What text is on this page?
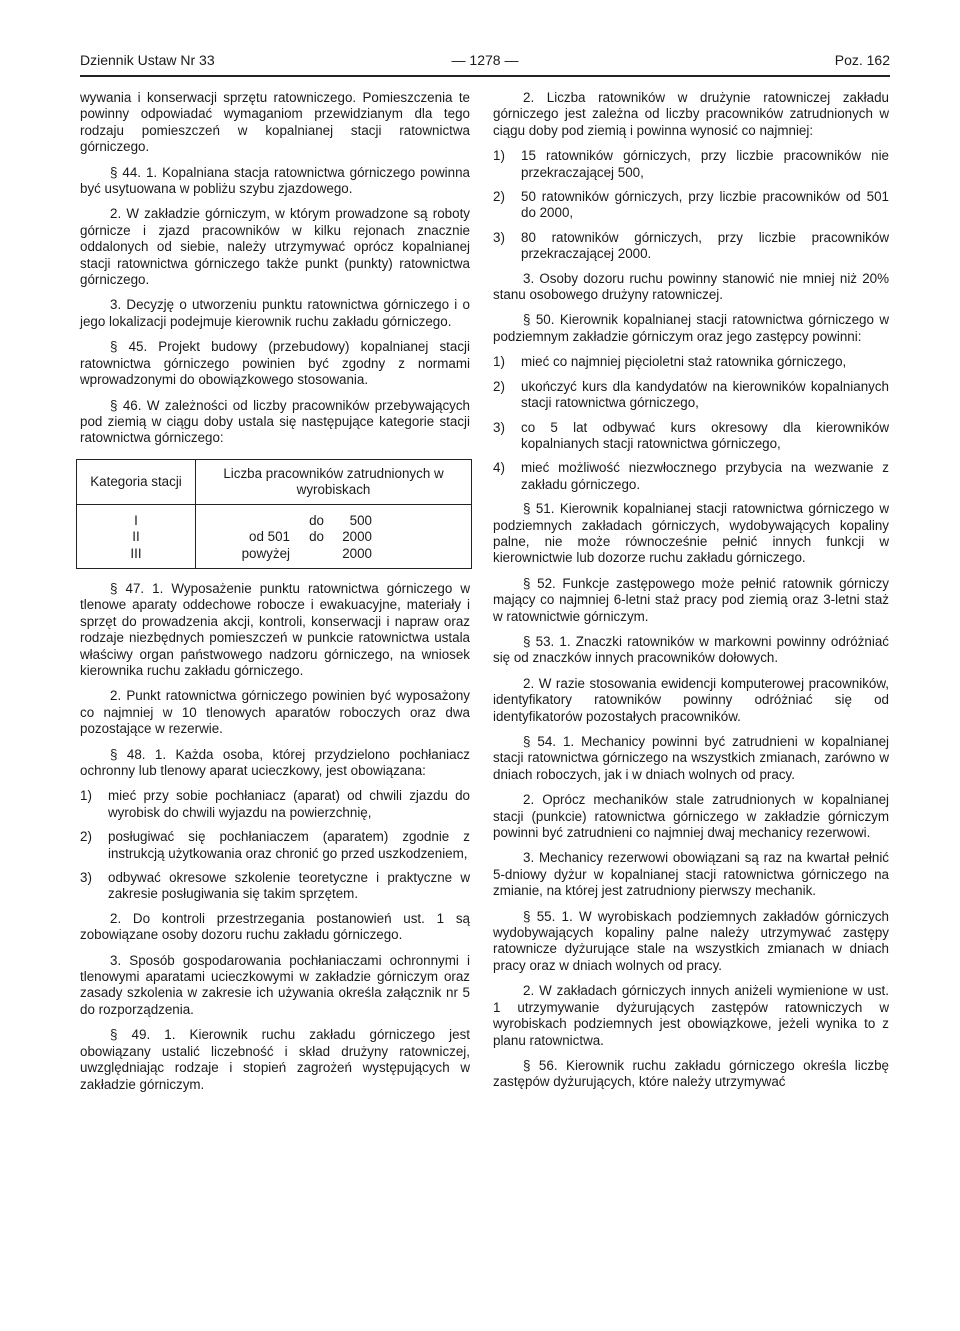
Dziennik Ustaw Nr 33	— 1278 —	Poz. 162

wywania i konserwacji sprzętu ratowniczego. Pomieszczenia te powinny odpowiadać wymaganiom przewidzianym dla tego rodzaju pomieszczeń w kopalnianej stacji ratownictwa górniczego.

§ 44. 1. Kopalniana stacja ratownictwa górniczego powinna być usytuowana w pobliżu szybu zjazdowego.

2. W zakładzie górniczym, w którym prowadzone są roboty górnicze i zjazd pracowników w kilku rejonach znacznie oddalonych od siebie, należy utrzymywać oprócz kopalnianej stacji ratownictwa górniczego także punkt (punkty) ratownictwa górniczego.

3. Decyzję o utworzeniu punktu ratownictwa górniczego i o jego lokalizacji podejmuje kierownik ruchu zakładu górniczego.

§ 45. Projekt budowy (przebudowy) kopalnianej stacji ratownictwa górniczego powinien być zgodny z normami wprowadzonymi do obowiązkowego stosowania.

§ 46. W zależności od liczby pracowników przebywających pod ziemią w ciągu doby ustala się następujące kategorie stacji ratownictwa górniczego:

Kategoria stacji	Liczba pracowników zatrudnionych w wyrobiskach
I	do 500

II	od 501 do 2000

III	powyżej 2000

§ 47. 1. Wyposażenie punktu ratownictwa górniczego w tlenowe aparaty oddechowe robocze i ewakuacyjne, materiały i sprzęt do prowadzenia akcji, kontroli, konserwacji i napraw oraz rodzaje niezbędnych pomieszczeń w punkcie ratownictwa ustala właściwy organ państwowego nadzoru górniczego, na wniosek kierownika ruchu zakładu górniczego.

2. Punkt ratownictwa górniczego powinien być wyposażony co najmniej w 10 tlenowych aparatów roboczych oraz dwa pozostające w rezerwie.

§ 48. 1. Każda osoba, której przydzielono pochłaniacz ochronny lub tlenowy aparat ucieczkowy, jest obowiązana:

1)	mieć przy sobie pochłaniacz (aparat) od chwili zjazdu do wyrobisk do chwili wyjazdu na powierzchnię,
2)	posługiwać się pochłaniaczem (aparatem) zgodnie z instrukcją użytkowania oraz chronić go przed uszkodzeniem,
3)	odbywać okresowe szkolenie teoretyczne i praktyczne w zakresie posługiwania się takim sprzętem.

2. Do kontroli przestrzegania postanowień ust. 1 są zobowiązane osoby dozoru ruchu zakładu górniczego.

3. Sposób gospodarowania pochłaniaczami ochronnymi i tlenowymi aparatami ucieczkowymi w zakładzie górniczym oraz zasady szkolenia w zakresie ich używania określa załącznik nr 5 do rozporządzenia.

§ 49. 1. Kierownik ruchu zakładu górniczego jest obowiązany ustalić liczebność i skład drużyny ratowniczej, uwzględniając rodzaje i stopień zagrożeń występujących w zakładzie górniczym.

2. Liczba ratowników w drużynie ratowniczej zakładu górniczego jest zależna od liczby pracowników zatrudnionych w ciągu doby pod ziemią i powinna wynosić co najmniej:

1)	15 ratowników górniczych, przy liczbie pracowników nie przekraczającej 500,
2)	50 ratowników górniczych, przy liczbie pracowników od 501 do 2000,
3)	80 ratowników górniczych, przy liczbie pracowników przekraczającej 2000.

3. Osoby dozoru ruchu powinny stanowić nie mniej niż 20% stanu osobowego drużyny ratowniczej.

§ 50. Kierownik kopalnianej stacji ratownictwa górniczego w podziemnym zakładzie górniczym oraz jego zastępcy powinni:

1)	mieć co najmniej pięcioletni staż ratownika górniczego,
2)	ukończyć kurs dla kandydatów na kierowników kopalnianych stacji ratownictwa górniczego,
3)	co 5 lat odbywać kurs okresowy dla kierowników kopalnianych stacji ratownictwa górniczego,
4)	mieć możliwość niezwłocznego przybycia na wezwanie z zakładu górniczego.

§ 51. Kierownik kopalnianej stacji ratownictwa górniczego w podziemnych zakładach górniczych, wydobywających kopaliny palne, nie może równocześnie pełnić innych funkcji w kierownictwie lub dozorze ruchu zakładu górniczego.

§ 52. Funkcje zastępowego może pełnić ratownik górniczy mający co najmniej 6-letni staż pracy pod ziemią oraz 3-letni staż w ratownictwie górniczym.

§ 53. 1. Znaczki ratowników w markowni powinny odróżniać się od znaczków innych pracowników dołowych.

2. W razie stosowania ewidencji komputerowej pracowników, identyfikatory ratowników powinny odróżniać się od identyfikatorów pozostałych pracowników.

§ 54. 1. Mechanicy powinni być zatrudnieni w kopalnianej stacji ratownictwa górniczego na wszystkich zmianach, zarówno w dniach roboczych, jak i w dniach wolnych od pracy.

2. Oprócz mechaników stale zatrudnionych w kopalnianej stacji (punkcie) ratownictwa górniczego w zakładzie górniczym powinni być zatrudnieni co najmniej dwaj mechanicy rezerwowi.

3. Mechanicy rezerwowi obowiązani są raz na kwartał pełnić 5-dniowy dyżur w kopalnianej stacji ratownictwa górniczego na zmianie, na której jest zatrudniony pierwszy mechanik.

§ 55. 1. W wyrobiskach podziemnych zakładów górniczych wydobywających kopaliny palne należy utrzymywać zastępy ratownicze dyżurujące stale na wszystkich zmianach w dniach pracy oraz w dniach wolnych od pracy.

2. W zakładach górniczych innych aniżeli wymienione w ust. 1 utrzymywanie dyżurujących zastępów ratowniczych w wyrobiskach podziemnych jest obowiązkowe, jeżeli wynika to z planu ratownictwa.

§ 56. Kierownik ruchu zakładu górniczego określa liczbę zastępów dyżurujących, które należy utrzymywać
